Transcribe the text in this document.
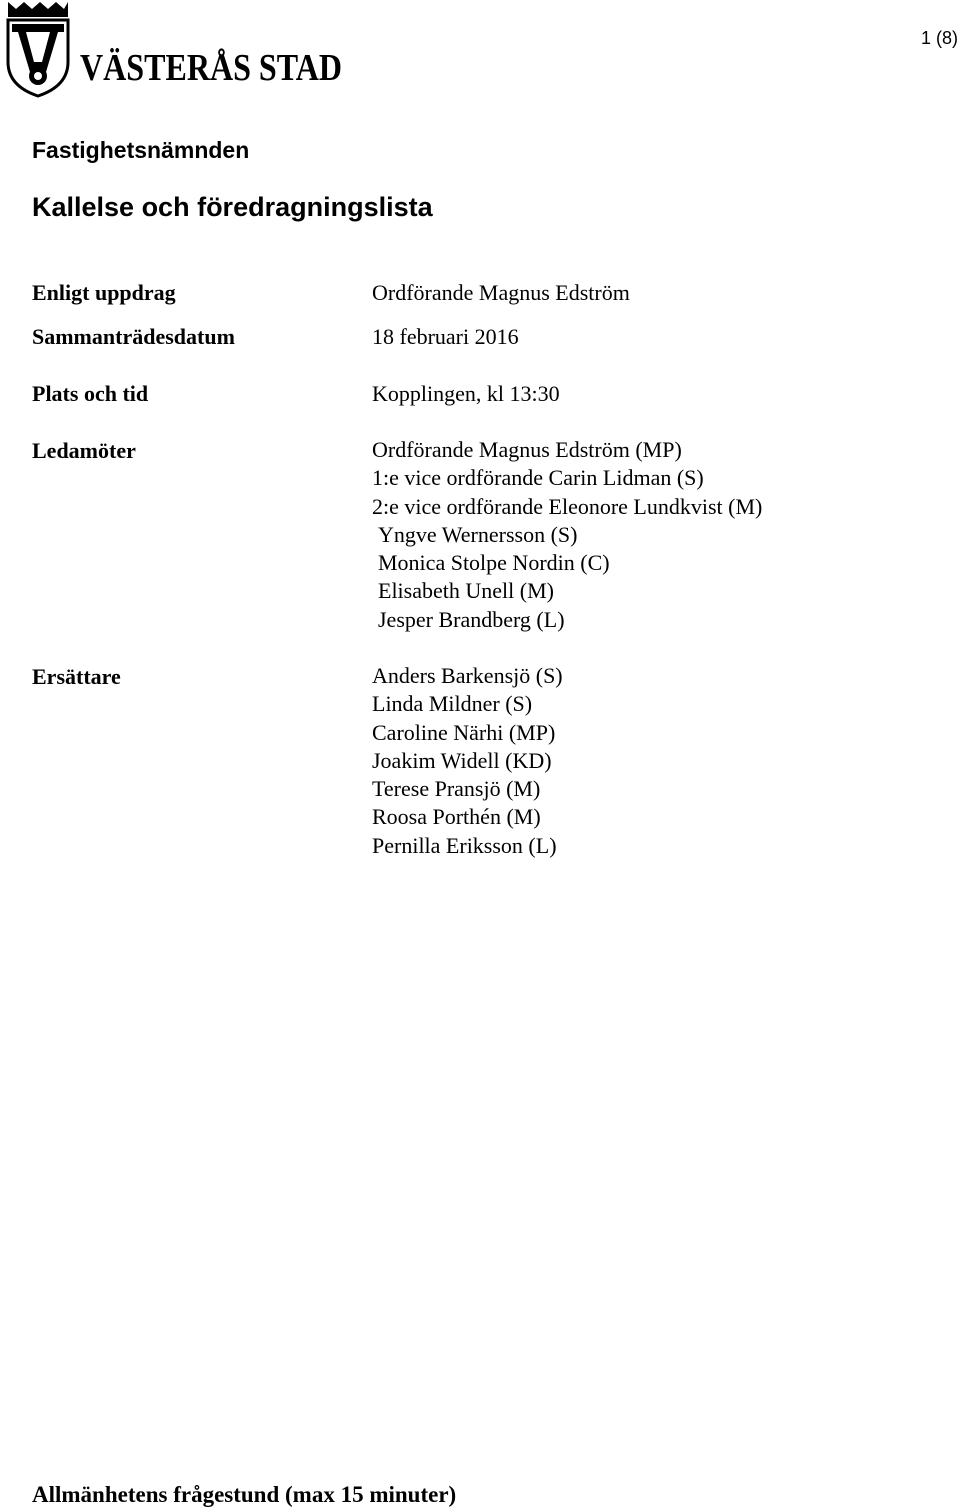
VÄSTERÅS STAD
1 (8)
Fastighetsnämnden
Kallelse och föredragningslista
Enligt uppdrag	Ordförande Magnus Edström
Sammanträdesdatum	18 februari 2016
Plats och tid	Kopplingen, kl 13:30
Ledamöter	Ordförande Magnus Edström (MP)
1:e vice ordförande Carin Lidman (S)
2:e vice ordförande Eleonore Lundkvist (M)
Yngve Wernersson (S)
Monica Stolpe Nordin (C)
Elisabeth Unell (M)
Jesper Brandberg (L)
Ersättare	Anders Barkensjö (S)
Linda Mildner (S)
Caroline Närhi (MP)
Joakim Widell (KD)
Terese Pransjö (M)
Roosa Porthén (M)
Pernilla Eriksson (L)
Allmänhetens frågestund (max 15 minuter)
